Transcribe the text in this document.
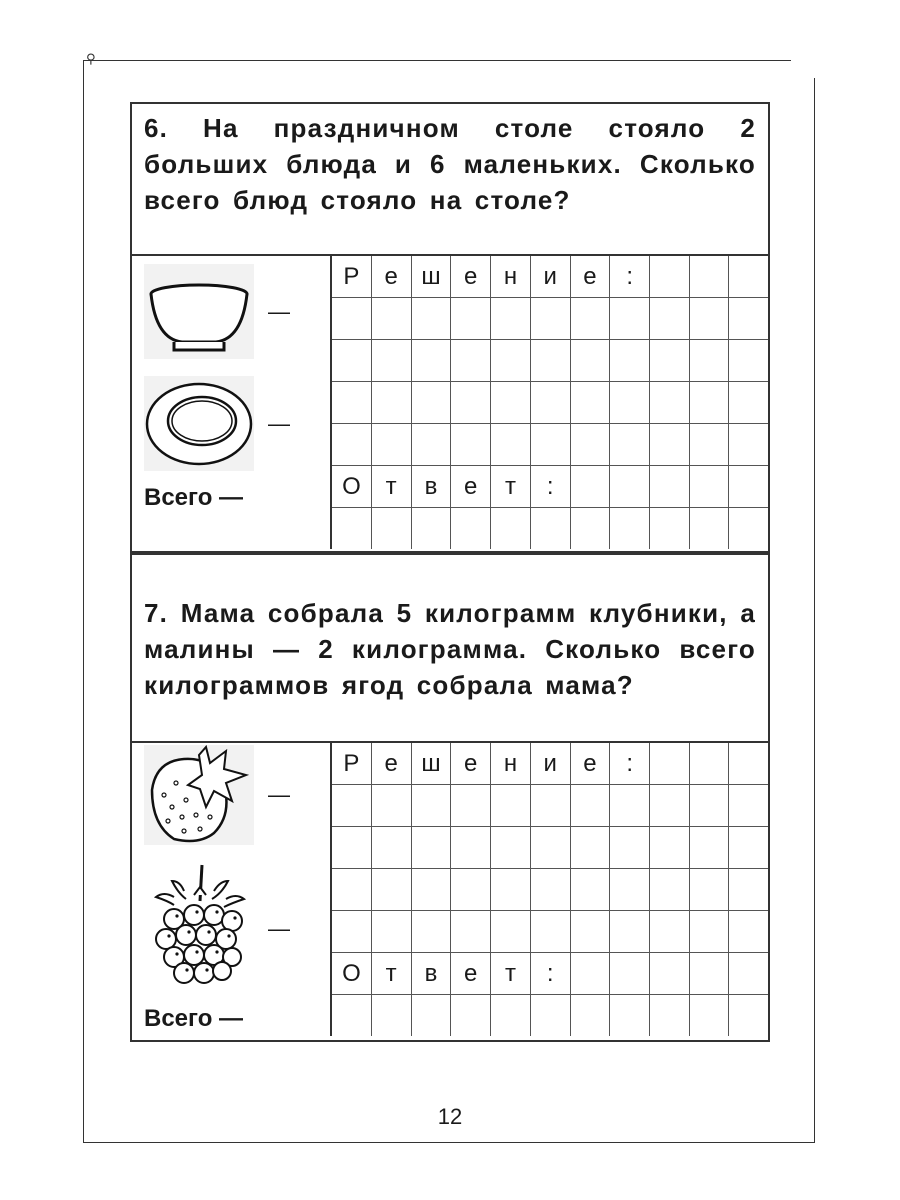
⚲
6. На праздничном столе стояло 2 больших блюда и 6 маленьких. Сколько всего блюд стояло на столе?
—
—
Всего —
Р	е	ш	е	н	и	е	:			

О	т	в	е	т	:					

7. Мама собрала 5 килограмм клубники, а малины — 2 килограмма. Сколько всего килограммов ягод собрала мама?
—
—
Всего —
Р	е	ш	е	н	и	е	:			

О	т	в	е	т	:					

12
